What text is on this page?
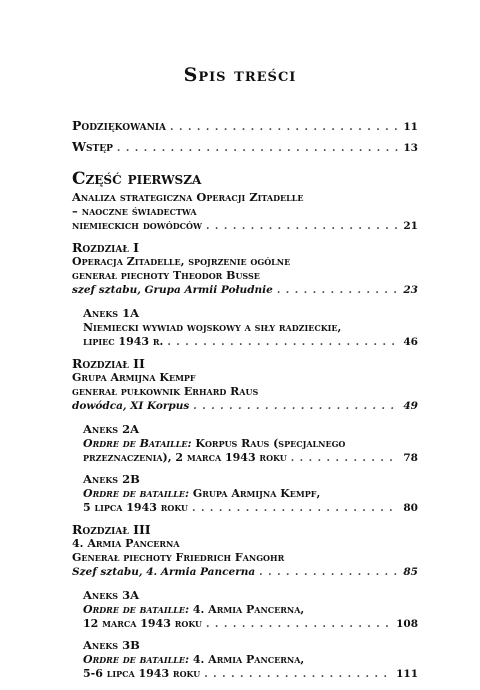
Spis treści
Podziękowania . . .	11
Wstęp . . .	13
Część pierwsza
Analiza strategiczna Operacji Zitadelle
– naoczne świadectwa
niemieckich dowódców . . .	21
Rozdział I
Operacja Zitadelle, spojrzenie ogólne
generał piechoty Theodor Busse
szef sztabu, Grupa Armii Południe . . .	23
Aneks 1A
Niemiecki wywiad wojskowy a siły radzieckie,
lipiec 1943 r. . . .	46
Rozdział II
Grupa Armijna Kempf
generał pułkownik Erhard Raus
dowódca, XI Korpus . . .	49
Aneks 2A
Ordre de Bataille: Korpus Raus (specjalnego
przeznaczenia), 2 marca 1943 roku . . .	78
Aneks 2B
Ordre de bataille: Grupa Armijna Kempf,
5 lipca 1943 roku . . .	80
Rozdział III
4. Armia Pancerna
Generał piechoty Friedrich Fangohr
Szef sztabu, 4. Armia Pancerna . . .	85
Aneks 3A
Ordre de bataille: 4. Armia Pancerna,
12 marca 1943 roku . . .	108
Aneks 3B
Ordre de bataille: 4. Armia Pancerna,
5-6 lipca 1943 roku . . .	111
